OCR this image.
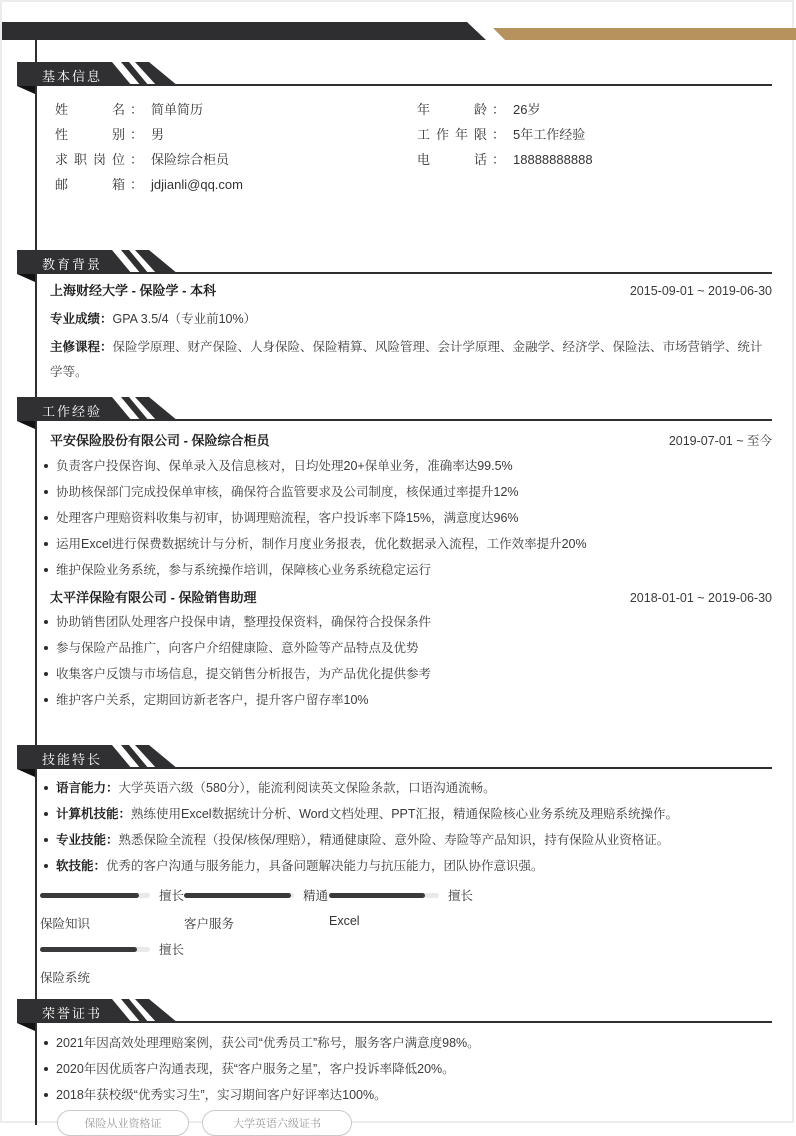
基本信息
姓名 ： 简单简历
性别 ： 男
求职岗位 ： 保险综合柜员
邮箱 ： jdjianli@qq.com
年龄 ： 26岁
工作年限 ： 5年工作经验
电话 ： 18888888888
教育背景
上海财经大学 - 保险学 - 本科	2015-09-01 ~ 2019-06-30
专业成绩：GPA 3.5/4（专业前10%）
主修课程：保险学原理、财产保险、人身保险、保险精算、风险管理、会计学原理、金融学、经济学、保险法、市场营销学、统计学等。
工作经验
平安保险股份有限公司 - 保险综合柜员	2019-07-01 ~ 至今
负责客户投保咨询、保单录入及信息核对，日均处理20+保单业务，准确率达99.5%
协助核保部门完成投保单审核，确保符合监管要求及公司制度，核保通过率提升12%
处理客户理赔资料收集与初审，协调理赔流程，客户投诉率下降15%，满意度达96%
运用Excel进行保费数据统计与分析，制作月度业务报表，优化数据录入流程，工作效率提升20%
维护保险业务系统，参与系统操作培训，保障核心业务系统稳定运行
太平洋保险有限公司 - 保险销售助理	2018-01-01 ~ 2019-06-30
协助销售团队处理客户投保申请，整理投保资料，确保符合投保条件
参与保险产品推广，向客户介绍健康险、意外险等产品特点及优势
收集客户反馈与市场信息，提交销售分析报告，为产品优化提供参考
维护客户关系，定期回访新老客户，提升客户留存率10%
技能特长
语言能力：大学英语六级（580分），能流利阅读英文保险条款，口语沟通流畅。
计算机技能：熟练使用Excel数据统计分析、Word文档处理、PPT汇报，精通保险核心业务系统及理赔系统操作。
专业技能：熟悉保险全流程（投保/核保/理赔），精通健康险、意外险、寿险等产品知识，持有保险从业资格证。
软技能：优秀的客户沟通与服务能力，具备问题解决能力与抗压能力，团队协作意识强。
擅长
保险知识
精通
客户服务
擅长
Excel
擅长
保险系统
荣誉证书
2021年因高效处理理赔案例，获公司“优秀员工”称号，服务客户满意度98%。
2020年因优质客户沟通表现，获“客户服务之星”，客户投诉率降低20%。
2018年获校级“优秀实习生”，实习期间客户好评率达100%。
保险从业资格证	大学英语六级证书
